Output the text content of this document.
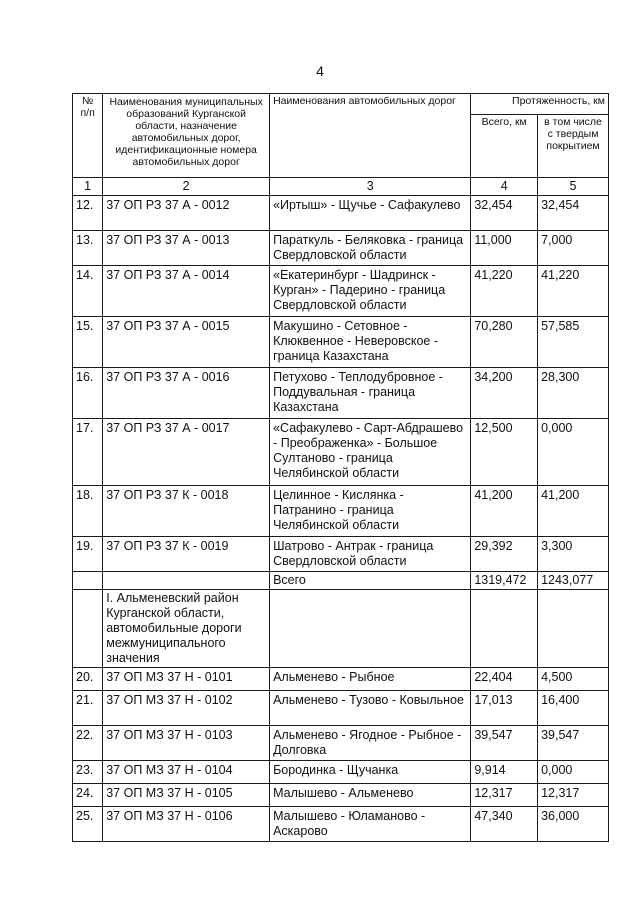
4
№
п/п	Наименования муниципальных образований Курганской области, назначение автомобильных дорог, идентификационные номера автомобильных дорог	Наименования автомобильных дорог	Протяженность, км	
			Всего, км	в том числе с твердым покрытием
1	2	3	4	5
12.	37 ОП РЗ 37 А - 0012	«Иртыш» - Щучье - Сафакулево	32,454	32,454
13.	37 ОП РЗ 37 А - 0013	Параткуль - Беляковка - граница Свердловской области	11,000	7,000
14.	37 ОП РЗ 37 А - 0014	«Екатеринбург - Шадринск - Курган» - Падерино - граница Свердловской области	41,220	41,220
15.	37 ОП РЗ 37 А - 0015	Макушино - Сетовное - Клюквенное - Неверовское - граница Казахстана	70,280	57,585
16.	37 ОП РЗ 37 А - 0016	Петухово - Теплодубровное - Поддувальная - граница Казахстана	34,200	28,300
17.	37 ОП РЗ 37 А - 0017	«Сафакулево - Сарт-Абдрашево - Преображенка» - Большое Султаново - граница Челябинской области	12,500	0,000
18.	37 ОП РЗ 37 К - 0018	Целинное - Кислянка - Патранино - граница Челябинской области	41,200	41,200
19.	37 ОП РЗ 37 К - 0019	Шатрово - Антрак - граница Свердловской области	29,392	3,300
		Всего	1319,472	1243,077
	I. Альменевский район Курганской области, автомобильные дороги межмуниципального значения			
20.	37 ОП МЗ 37 Н - 0101	Альменево - Рыбное	22,404	4,500
21.	37 ОП МЗ 37 Н - 0102	Альменево - Тузово - Ковыльное	17,013	16,400
22.	37 ОП МЗ 37 Н - 0103	Альменево - Ягодное - Рыбное - Долговка	39,547	39,547
23.	37 ОП МЗ 37 Н - 0104	Бородинка - Щучанка	9,914	0,000
24.	37 ОП МЗ 37 Н - 0105	Малышево - Альменево	12,317	12,317
25.	37 ОП МЗ 37 Н - 0106	Малышево - Юламаново - Аскарово	47,340	36,000
